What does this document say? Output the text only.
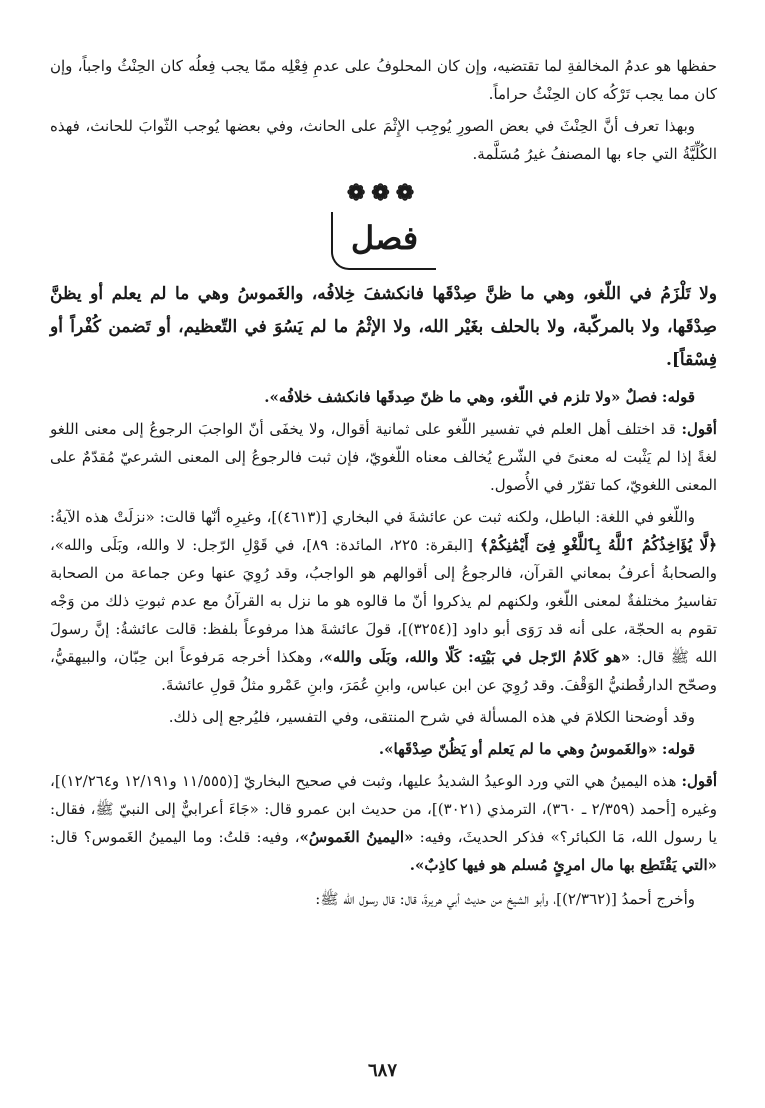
حفظها هو عدمُ المخالفةِ لما تقتضيه، وإن كان المحلوفُ على عدمِ فِعْلِه ممّا يجب فِعلُه كان الحِنْثُ واجباً، وإن كان مما يجب تَرْكُه كان الحِنْثُ حراماً.

وبهذا تعرف أنَّ الحِنْثَ في بعض الصورِ يُوجِب الإِثْمَ على الحانث، وفي بعضها يُوجب الثّوابَ للحانث، فهذه الكُلِّيَّةُ التي جاء بها المصنفُ غيرُ مُسَلَّمة.

❁❁❁
فصل

ولا تَلْزَمُ في اللّغو، وهي ما ظنَّ صِدْقَها فانكشفَ خِلافُه، والغَموسُ وهي ما لم يعلم أو يظنَّ صِدْقَها، ولا بالمركّبة، ولا بالحلف بغَيْر الله، ولا الإثْمُ ما لم يَسُوَ في التّعظيم، أو تَضمن كُفْراً أو فِسْقاً].

قوله: فصلٌ «ولا تلزم في اللّغو، وهي ما ظنّ صِدقَها فانكشف خلافُه».

أقول: قد اختلف أهل العلم في تفسير اللّغو على ثمانية أقوال، ولا يخفَى أنّ الواجبَ الرجوعُ إلى معنى اللغو لغةً إذا لم يَثْبت له معنىً في الشّرع يُخالف معناه اللّغويّ، فإن ثبت فالرجوعُ إلى المعنى الشرعيّ مُقدّمٌ على المعنى اللغويّ، كما تقرّر في الأُصول.

واللّغو في اللغة: الباطل، ولكنه ثبت عن عائشةَ في البخاري [(٤٦١٣)]، وغيرِه أنّها قالت: «نزلَتْ هذه الآيةُ: ﴿لَّا يُؤَاخِذُكُمُ ٱللَّهُ بِٱللَّغْوِ فِىٓ أَيْمَٰنِكُمْ﴾ [البقرة: ٢٢٥، المائدة: ٨٩]، في قَوْلِ الرّجل: لا والله، وبَلَى والله»، والصحابةُ أعرفُ بمعاني القرآن، فالرجوعُ إلى أقوالهم هو الواجبُ، وقد رُوِيَ عنها وعن جماعة من الصحابة تفاسيرُ مختلفةٌ لمعنى اللّغو، ولكنهم لم يذكروا أنّ ما قالوه هو ما نزل به القرآنُ مع عدم ثبوتِ ذلك من وَجْه تقوم به الحجّة، على أنه قد رَوَى أبو داود [(٣٢٥٤)]، قولَ عائشةَ هذا مرفوعاً بلفظ: قالت عائشةُ: إنَّ رسولَ الله ﷺ قال: «هو كَلامُ الرّجل في بَيْتِه: كَلّا والله، وبَلَى والله»، وهكذا أخرجه مَرفوعاً ابن حِبّان، والبيهقيُّ، وصحّح الدارقُطنيُّ الوَقْفَ. وقد رُوِيَ عن ابن عباس، وابنِ عُمَرَ، وابنِ عَمْرو مثلُ قولِ عائشةَ.

وقد أوضحنا الكلامَ في هذه المسألة في شرح المنتقى، وفي التفسير، فليُرجع إلى ذلك.

قوله: «والغَموسُ وهي ما لم يَعلم أو يَظُنّ صِدْقَها».

أقول: هذه اليمينُ هي التي ورد الوعيدُ الشديدُ عليها، وثبت في صحيح البخاريّ [(١١/٥٥٥ و١٢/١٩١ و١٢/٢٦٤)]، وغيره [أحمد (٢/٣٥٩ ـ ٣٦٠)، الترمذي (٣٠٢١)]، من حديث ابن عمرو قال: «جَاءَ أعرابيٌّ إلى النبيّ ﷺ، فقال: يا رسول الله، مَا الكبائر؟» فذكر الحديثَ، وفيه: «اليمينُ الغَموسُ»، وفيه: قلتُ: وما اليمينُ الغَموس؟ قال: «التي يَقْتَطِع بها مال امرِئٍ مُسلم هو فيها كاذِبٌ».

وأخرج أحمدُ [(٢/٣٦٢)]، وأبو الشيخ من حديث أبي هريرةَ، قال: قال رسول الله ﷺ:

٦٨٧
